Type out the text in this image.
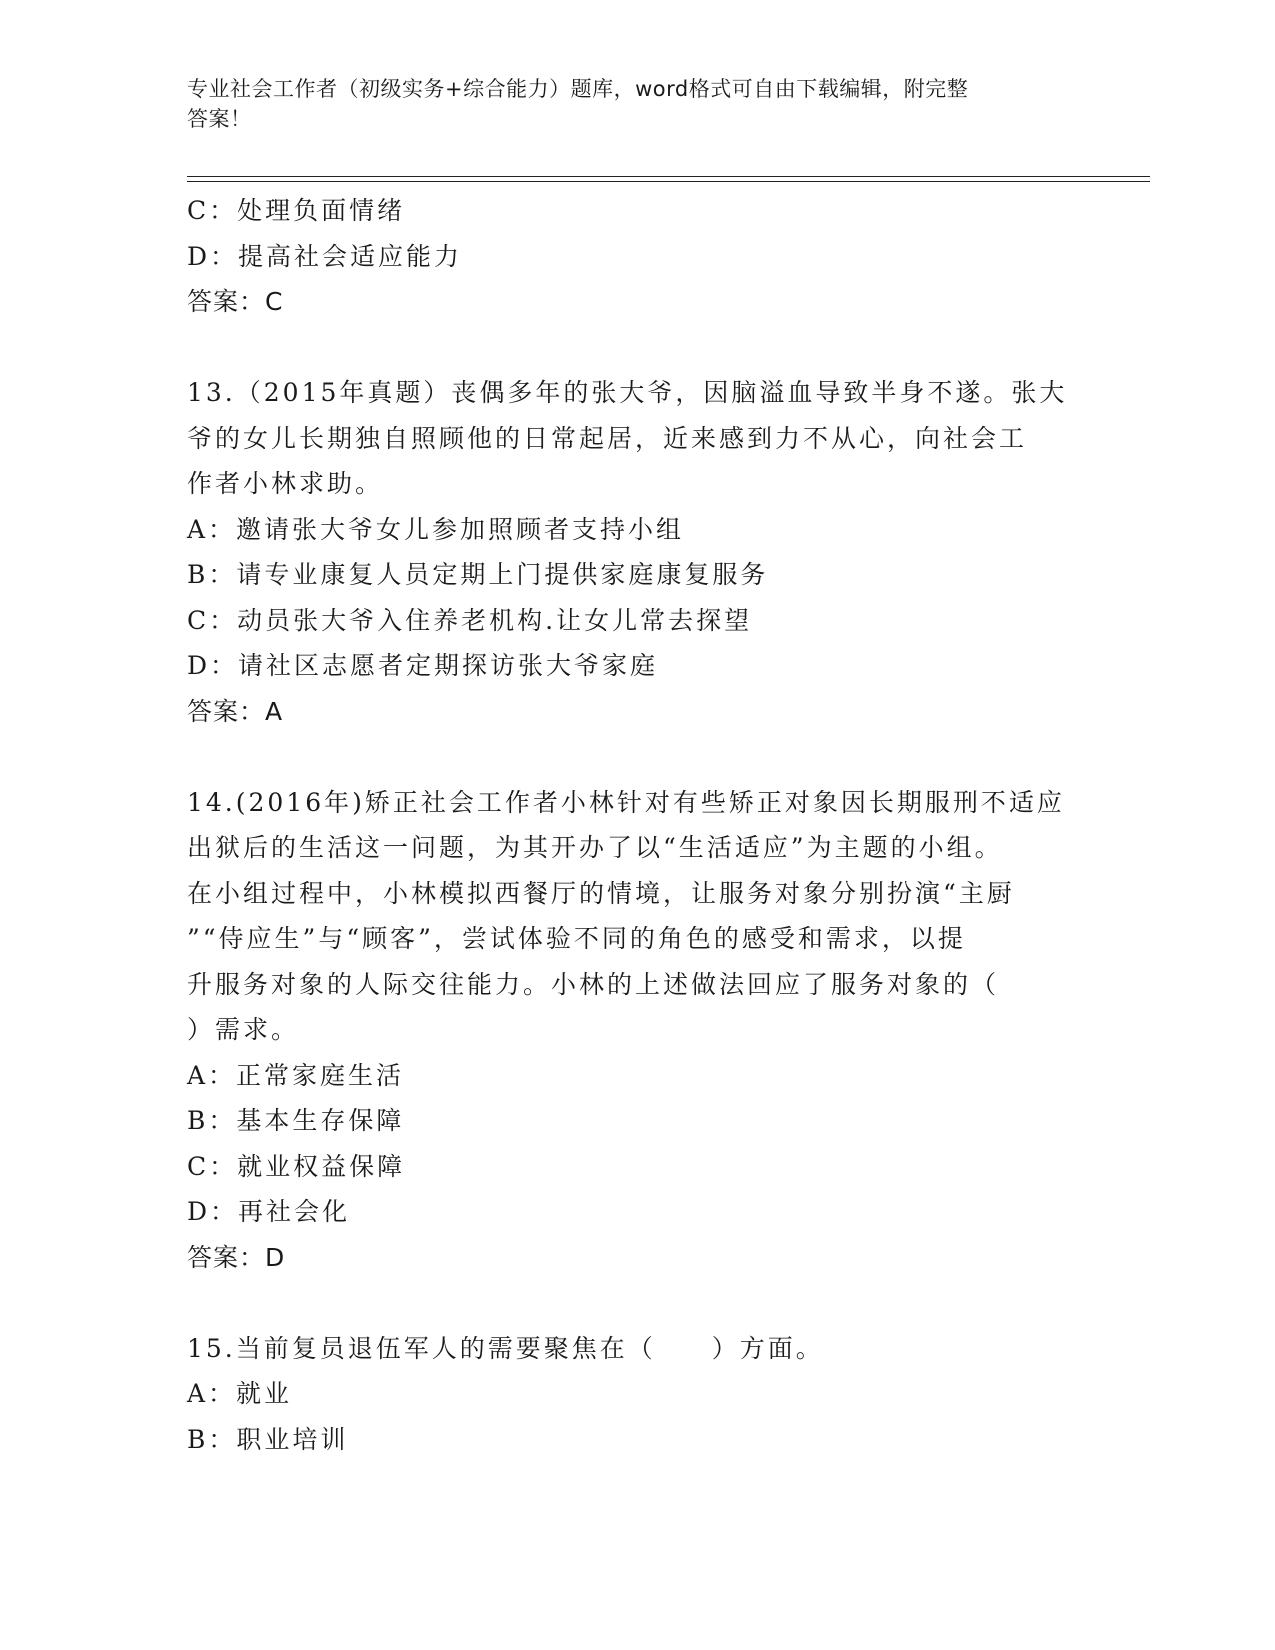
专业社会工作者（初级实务+综合能力）题库，word格式可自由下载编辑，附完整
答案！
C：处理负面情绪
D：提高社会适应能力
答案：C
13.（2015年真题）丧偶多年的张大爷，因脑溢血导致半身不遂。张大
爷的女儿长期独自照顾他的日常起居，近来感到力不从心，向社会工
作者小林求助。
A：邀请张大爷女儿参加照顾者支持小组
B：请专业康复人员定期上门提供家庭康复服务
C：动员张大爷入住养老机构.让女儿常去探望
D：请社区志愿者定期探访张大爷家庭
答案：A
14.(2016年)矫正社会工作者小林针对有些矫正对象因长期服刑不适应
出狱后的生活这一问题，为其开办了以“生活适应”为主题的小组。
在小组过程中，小林模拟西餐厅的情境，让服务对象分别扮演“主厨
”“侍应生”与“顾客”，尝试体验不同的角色的感受和需求，以提
升服务对象的人际交往能力。小林的上述做法回应了服务对象的（
）需求。
A：正常家庭生活
B：基本生存保障
C：就业权益保障
D：再社会化
答案：D
15.当前复员退伍军人的需要聚焦在（　　）方面。
A：就业
B：职业培训
